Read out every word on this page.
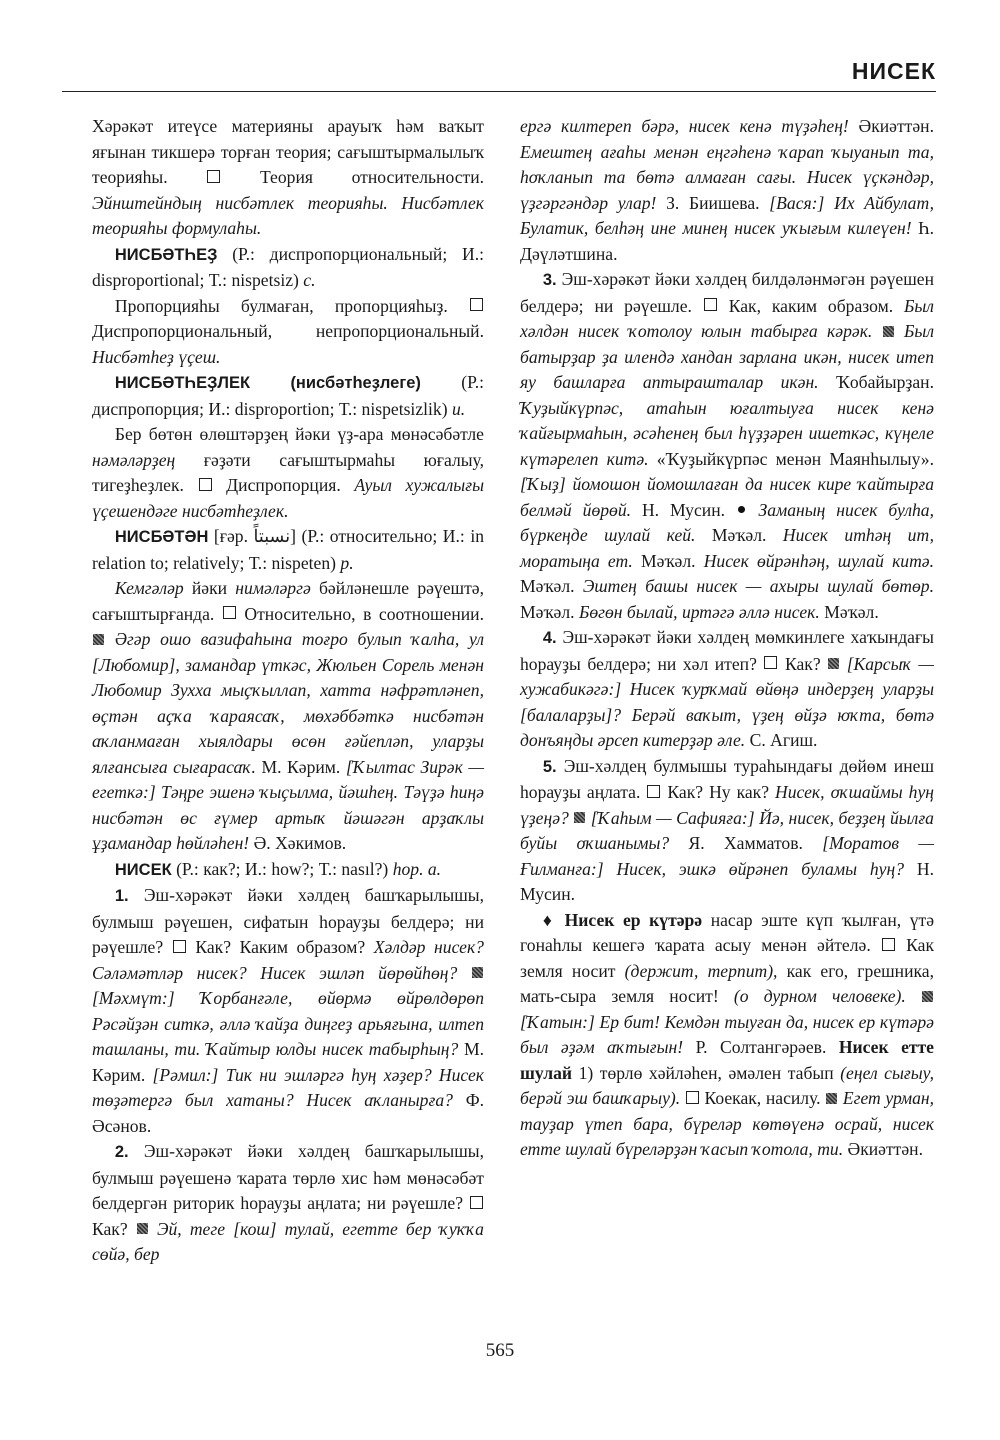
НИСЕК

Хәрәкәт итеүсе материяны арауыҡ һәм ваҡыт яғынан тикшерә торған теория; сағыштырмалылыҡ теорияһы.	Теория относительности. Эйнштейндың нисбәтлек теорияһы. Нисбәтлек теорияһы формулаһы.

НИСБӘТҺЕҘ (Р.: диспропорциональный; И.: disproportional; Т.: nispetsiz) с.

Пропорцияһы булмаған, пропорцияһыҙ.  Диспропорциональный, непропорциональный. Нисбәтһеҙ үҫеш.

НИСБӘТҺЕҘЛЕК (нисбәтһеҙлеге) (Р.: диспропорция; И.: disproportion; Т.: nispetsizlik) и.

Бер бөтөн өлөштәрҙең йәки үҙ-ара мөнәсәбәтле нәмәләрҙең ғәҙәти сағыштырмаһы юғалыу, тигеҙһеҙлек. Диспропорция. Ауыл хужалығы үҫешендәге нисбәтһеҙлек.

НИСБӘТӘН [ғәр. نسبتاً] (Р.: относительно; И.: in relation to; relatively; Т.: nispeten) р.

Кемгәләр йәки нимәләргә бәйләнешле рәүештә, сағыштырғанда. Относительно, в соотношении.  Әгәр ошо вазифаһына тоғро булып ҡалһа, ул [Любомир], замандар үткәс, Жюльен Сорель менән Любомир Зухха мыҫҡыллап, хатта нәфрәтләнеп, өҫтән аҫҡа ҡараясаҡ, мөхәббәткә нисбәтән аҡланмаған хыялдары өсөн ғәйепләп, уларҙы ялғансыға сығарасаҡ. М. Кәрим. [Ҡылтас Зирәк — егеткә:] Тәңре эшенә ҡыҫылма, йәшһең. Тәүҙә һиңә нисбәтән өс ғүмер артыҡ йәшәгән арҙаҡлы ұҙамандар һөйләһен! Ә. Хәкимов.

НИСЕК (Р.: как?; И.: how?; Т.: nasıl?) һор. а.

1. Эш-хәрәкәт йәки хәлдең башҡарылышы, булмыш рәүешен, сифатын һорауҙы белдерә; ни рәүешле? Как? Каким образом? Хәлдәр нисек? Сәләмәтләр нисек? Нисек эшләп йөрөйһөң?  [Мәхмүт:] Ҡорбанғәле, өйөрмә өйрөлдөрөп Рәсәйҙән ситкә, әллә ҡайҙа диңгеҙ арьяғына, илтеп ташланы, ти. Ҡайтыр юлды нисек табырһың? М. Кәрим. [Рәмил:] Тик ни эшләргә һуң хәҙер? Нисек төҙәтергә был хатаны? Нисек аҡланырға? Ф. Әсәнов.

2. Эш-хәрәкәт йәки хәлдең башҡарылышы, булмыш рәүешенә ҡарата төрлө хис һәм мөнәсәбәт белдергән риторик һорауҙы аңлата; ни рәүешле?  Как? Эй, теге [кош] тулай, егетте бер ҡуҡҡа сөйә, бер

ергә килтереп бәрә, нисек кенә түҙәһең! Әкиәттән. Емештең ағаһы менән еңгәһенә ҡарап ҡыуанып та, һоҡланып та бөтә алмаған сағы. Нисек үҫкәндәр, үҙгәргәндәр улар! З. Биишева. [Вася:] Их Айбулат, Булатик, белһәң ине минең нисек уҡығым килеүен! Һ. Дәүләтшина.

3. Эш-хәрәкәт йәки хәлдең билдәләнмәгән рәүешен белдерә; ни рәүешле. Как, каким образом. Был хәлдән нисек ҡотолоу юлын табырға кәрәк. Был батырҙар ҙа илендә хандан зарлана икән, нисек итеп яу башларға аптырашталар икән. Ҡобайырҙан. Ҡуҙыйкүрпәс, атаһын юғалтыуға нисек кенә ҡайғырмаһын, әсәһенең был һүҙҙәрен ишеткәс, күңеле күтәрелеп китә. «Ҡуҙыйкүрпәс менән Маянһылыу». [Ҡыҙ] йомошон йомошлаған да нисек кире ҡайтырға белмәй йөрөй. Н. Мусин. Заманың нисек булһа, бүркеңде шулай кей. Мәҡәл. Нисек итһәң ит, моратыңа ет. Мәҡәл. Нисек өйрәнһәң, шулай китә. Мәҡәл. Эштең башы нисек — ахыры шулай бөтөр. Мәҡәл. Бөгөн былай, иртәгә әллә нисек. Мәҡәл.

4. Эш-хәрәкәт йәки хәлдең мөмкинлеге хаҡындағы һорауҙы белдерә; ни хәл итеп? Как? [Карсыҡ — хужабикәгә:] Нисек ҡурҡмай өйөңә индерҙең уларҙы [балаларҙы]? Берәй ваҡыт, үҙең өйҙә юҡта, бөтә донъяңды әрсеп китерҙәр әле. С. Агиш.

5. Эш-хәлдең булмышы тураһындағы дөйөм инеш һорауҙы аңлата. Как? Ну как? Нисек, оҡшаймы һуң үҙеңә? [Ҡаһым — Сафияға:] Йә, нисек, беҙҙең йылға буйы оҡшанымы? Я. Хамматов. [Моратов — Ғилманға:] Нисек, эшкә өйрәнеп буламы һуң? Н. Мусин.

♦ Нисек ер күтәрә насар эште күп ҡылған, үтә гонаһлы кешегә ҡарата асыу менән әйтелә. Как земля носит (держит, терпит), как его, грешника, мать-сыра земля носит! (о дурном человеке).  [Ҡатын:] Ер бит! Кемдән тыуған да, нисек ер күтәрә был әҙәм аҡтығын! Р. Солтангәрәев. Нисек етте шулай 1) төрлө хәйләһен, әмәлен табып (еңел сығыу, берәй эш башҡарыу). Коекак, насилу. Егет урман, тауҙар үтеп бара, бүреләр көтөүенә осрай, нисек етте шулай бүреләрҙән ҡасып ҡотола, ти. Әкиәттән.

565
